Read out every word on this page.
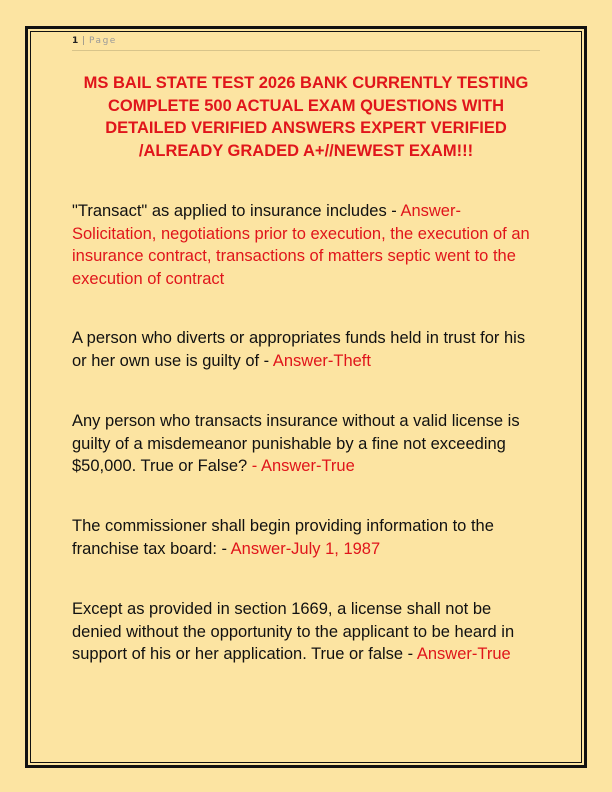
1 | Page
MS BAIL STATE TEST 2026 BANK CURRENTLY TESTING COMPLETE 500 ACTUAL EXAM QUESTIONS WITH DETAILED VERIFIED ANSWERS EXPERT VERIFIED /ALREADY GRADED A+//NEWEST EXAM!!!
"Transact" as applied to insurance includes - Answer-Solicitation, negotiations prior to execution, the execution of an insurance contract, transactions of matters septic went to the execution of contract
A person who diverts or appropriates funds held in trust for his or her own use is guilty of - Answer-Theft
Any person who transacts insurance without a valid license is guilty of a misdemeanor punishable by a fine not exceeding $50,000. True or False? - Answer-True
The commissioner shall begin providing information to the franchise tax board: - Answer-July 1, 1987
Except as provided in section 1669, a license shall not be denied without the opportunity to the applicant to be heard in support of his or her application. True or false - Answer-True
